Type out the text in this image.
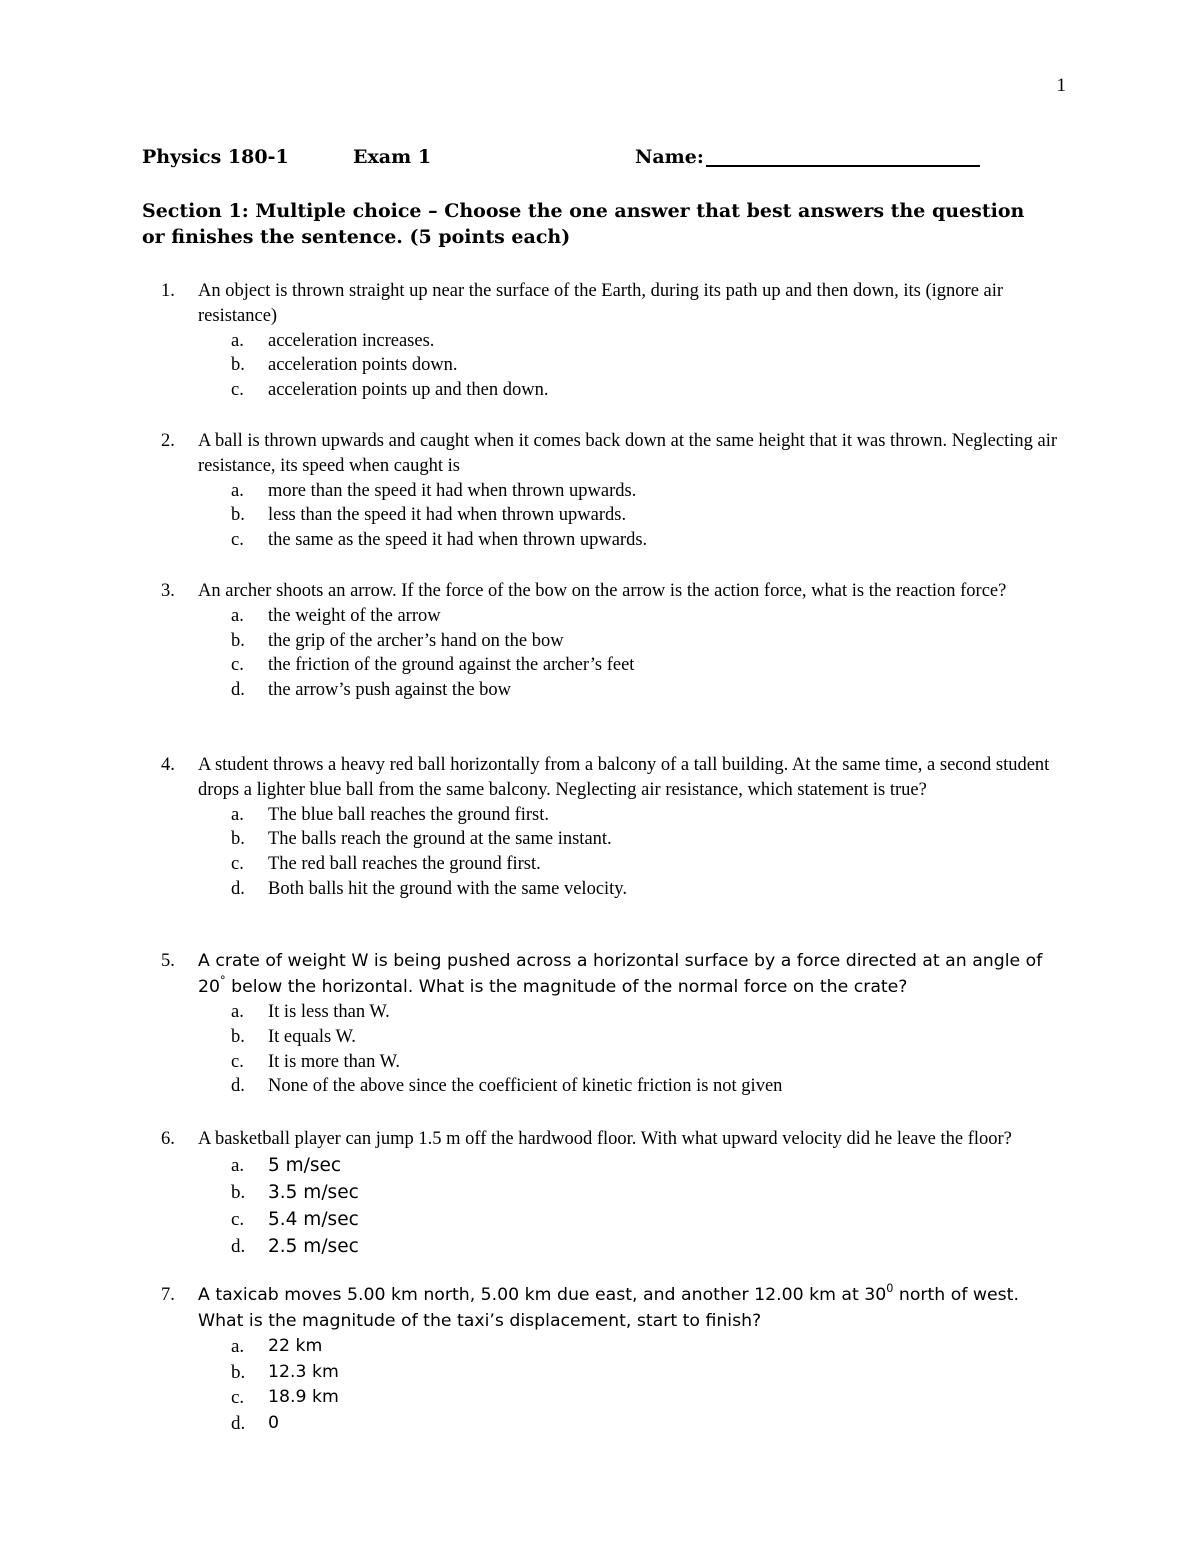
1
Physics 180-1	Exam 1	Name:
Section 1: Multiple choice – Choose the one answer that best answers the question or finishes the sentence. (5 points each)
1. An object is thrown straight up near the surface of the Earth, during its path up and then down, its (ignore air resistance)
a. acceleration increases.
b. acceleration points down.
c. acceleration points up and then down.
2. A ball is thrown upwards and caught when it comes back down at the same height that it was thrown. Neglecting air resistance, its speed when caught is
a. more than the speed it had when thrown upwards.
b. less than the speed it had when thrown upwards.
c. the same as the speed it had when thrown upwards.
3. An archer shoots an arrow. If the force of the bow on the arrow is the action force, what is the reaction force?
a. the weight of the arrow
b. the grip of the archer’s hand on the bow
c. the friction of the ground against the archer’s feet
d. the arrow’s push against the bow
4. A student throws a heavy red ball horizontally from a balcony of a tall building. At the same time, a second student drops a lighter blue ball from the same balcony. Neglecting air resistance, which statement is true?
a. The blue ball reaches the ground first.
b. The balls reach the ground at the same instant.
c. The red ball reaches the ground first.
d. Both balls hit the ground with the same velocity.
5. A crate of weight W is being pushed across a horizontal surface by a force directed at an angle of
20° below the horizontal. What is the magnitude of the normal force on the crate?
a. It is less than W.
b. It equals W.
c. It is more than W.
d. None of the above since the coefficient of kinetic friction is not given
6. A basketball player can jump 1.5 m off the hardwood floor. With what upward velocity did he leave the floor?
a. 5 m/sec
b. 3.5 m/sec
c. 5.4 m/sec
d. 2.5 m/sec
7. A taxicab moves 5.00 km north, 5.00 km due east, and another 12.00 km at $30^0$ north of west. What is the magnitude of the taxi’s displacement, start to finish?
a. 22 km
b. 12.3 km
c. 18.9 km
d. 0
